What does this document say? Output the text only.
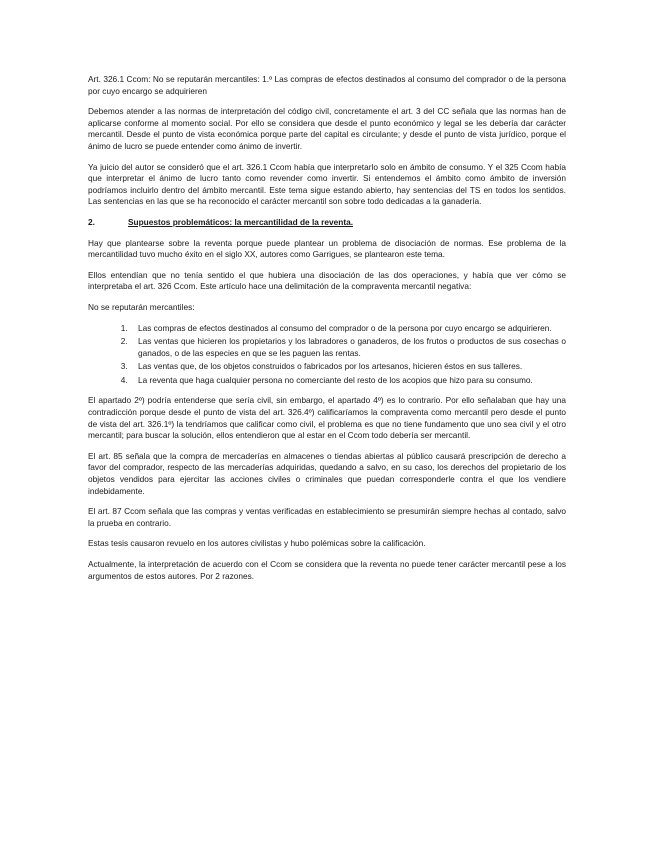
Art. 326.1 Ccom: No se reputarán mercantiles: 1.º Las compras de efectos destinados al consumo del comprador o de la persona por cuyo encargo se adquirieren

Debemos atender a las normas de interpretación del código civil, concretamente el art. 3 del CC señala que las normas han de aplicarse conforme al momento social. Por ello se considera que desde el punto económico y legal se les debería dar carácter mercantil. Desde el punto de vista económica porque parte del capital es circulante; y desde el punto de vista jurídico, porque el ánimo de lucro se puede entender como ánimo de invertir.

Ya juicio del autor se consideró que el art. 326.1 Ccom había que interpretarlo solo en ámbito de consumo. Y el 325 Ccom había que interpretar el ánimo de lucro tanto como revender como invertir. Si entendemos el ámbito como ámbito de inversión podríamos incluirlo dentro del ámbito mercantil. Este tema sigue estando abierto, hay sentencias del TS en todos los sentidos. Las sentencias en las que se ha reconocido el carácter mercantil son sobre todo dedicadas a la ganadería.

2.	Supuestos problemáticos: la mercantilidad de la reventa.

Hay que plantearse sobre la reventa porque puede plantear un problema de disociación de normas. Ese problema de la mercantilidad tuvo mucho éxito en el siglo XX, autores como Garrigues, se plantearon este tema.

Ellos entendían que no tenía sentido el que hubiera una disociación de las dos operaciones, y había que ver cómo se interpretaba el art. 326 Ccom. Este artículo hace una delimitación de la compraventa mercantil negativa:

No se reputarán mercantiles:

1. Las compras de efectos destinados al consumo del comprador o de la persona por cuyo encargo se adquirieren.
2. Las ventas que hicieren los propietarios y los labradores o ganaderos, de los frutos o productos de sus cosechas o ganados, o de las especies en que se les paguen las rentas.
3. Las ventas que, de los objetos construidos o fabricados por los artesanos, hicieren éstos en sus talleres.
4. La reventa que haga cualquier persona no comerciante del resto de los acopios que hizo para su consumo.

El apartado 2º) podría entenderse que sería civil, sin embargo, el apartado 4º) es lo contrario. Por ello señalaban que hay una contradicción porque desde el punto de vista del art. 326.4º) calificaríamos la compraventa como mercantil pero desde el punto de vista del art. 326.1º) la tendríamos que calificar como civil, el problema es que no tiene fundamento que uno sea civil y el otro mercantil; para buscar la solución, ellos entendieron que al estar en el Ccom todo debería ser mercantil.

El art. 85 señala que la compra de mercaderías en almacenes o tiendas abiertas al público causará prescripción de derecho a favor del comprador, respecto de las mercaderías adquiridas, quedando a salvo, en su caso, los derechos del propietario de los objetos vendidos para ejercitar las acciones civiles o criminales que puedan corresponderle contra el que los vendiere indebidamente.

El art. 87 Ccom señala que las compras y ventas verificadas en establecimiento se presumirán siempre hechas al contado, salvo la prueba en contrario.

Estas tesis causaron revuelo en los autores civilistas y hubo polémicas sobre la calificación.

Actualmente, la interpretación de acuerdo con el Ccom se considera que la reventa no puede tener carácter mercantil pese a los argumentos de estos autores. Por 2 razones.
